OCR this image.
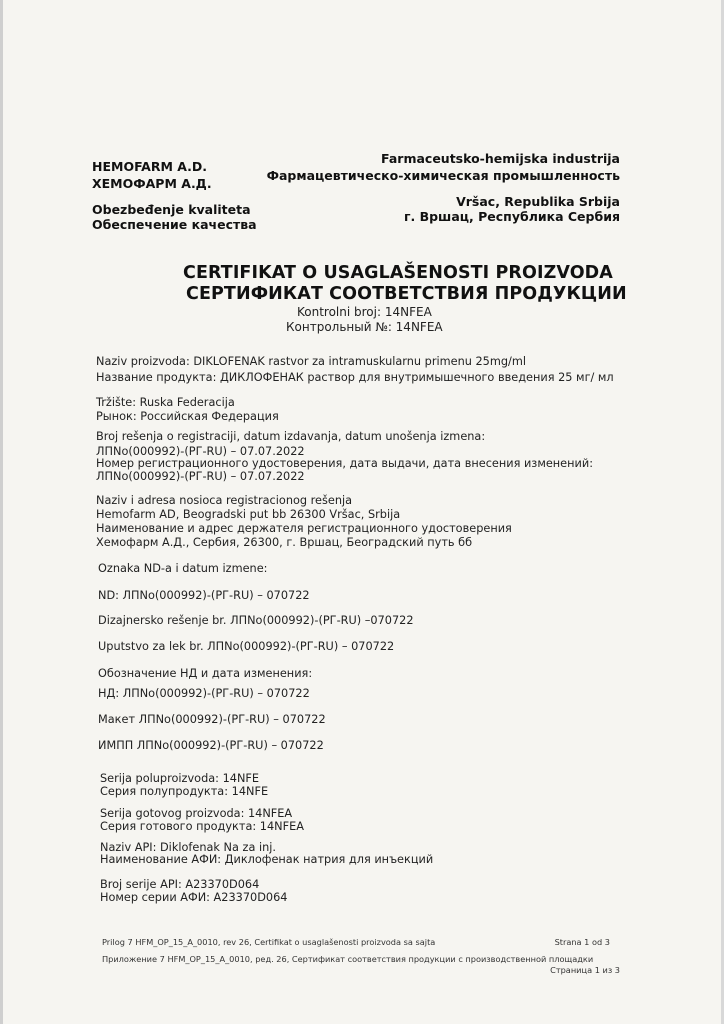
HEMOFARM A.D.
ХЕМОФАРМ А.Д.
Obezbeđenje kvaliteta
Обеспечение качества
Farmaceutsko-hemijska industrija
Фармацевтическо-химическая промышленность
Vršac, Republika Srbija
г. Вршац, Республика Сербия
CERTIFIKAT O USAGLAŠENOSTI PROIZVODA
СЕРТИФИКАТ СООТВЕТСТВИЯ ПРОДУКЦИИ
Kontrolni broj: 14NFEA
Контрольный №: 14NFEA
Naziv proizvoda: DIKLOFENAK rastvor za intramuskularnu primenu 25mg/ml
Название продукта: ДИКЛОФЕНАК раствор для внутримышечного введения 25 мг/ мл
Tržište: Ruska Federacija
Рынок: Российская Федерация
Broj rešenja o registraciji, datum izdavanja, datum unošenja izmena:
ЛПNо(000992)-(РГ-RU) – 07.07.2022
Номер регистрационного удостоверения, дата выдачи, дата внесения изменений:
ЛПNо(000992)-(РГ-RU) – 07.07.2022
Naziv i adresa nosioca registracionog rešenja
Hemofarm AD, Beogradski put bb 26300 Vršac, Srbija
Наименование и адрес держателя регистрационного удостоверения
Хемофарм А.Д., Сербия, 26300, г. Вршац, Београдский путь бб
Oznaka ND-a i datum izmene:
ND: ЛПNо(000992)-(РГ-RU) – 070722
Dizajnersko rešenje br. ЛПNо(000992)-(РГ-RU) –070722
Uputstvo za lek br. ЛПNо(000992)-(РГ-RU) – 070722
Обозначение НД и дата изменения:
НД: ЛПNо(000992)-(РГ-RU) – 070722
Макет ЛПNо(000992)-(РГ-RU) – 070722
ИМПП ЛПNо(000992)-(РГ-RU) – 070722
Serija poluproizvoda: 14NFE
Серия полупродукта: 14NFE
Serija gotovog proizvoda: 14NFEA
Серия готового продукта: 14NFEA
Naziv API: Diklofenak Na za inj.
Наименование АФИ: Диклофенак натрия для инъекций
Broj serije API: A23370D064
Номер серии АФИ: A23370D064
Prilog 7 HFM_OP_15_A_0010, rev 26, Certifikat o usaglašenosti proizvoda sa sajta	Strana 1 od 3
Приложение 7 HFM_OP_15_A_0010, ред. 26, Сертификат соответствия продукции с производственной площадки
Страница 1 из 3
